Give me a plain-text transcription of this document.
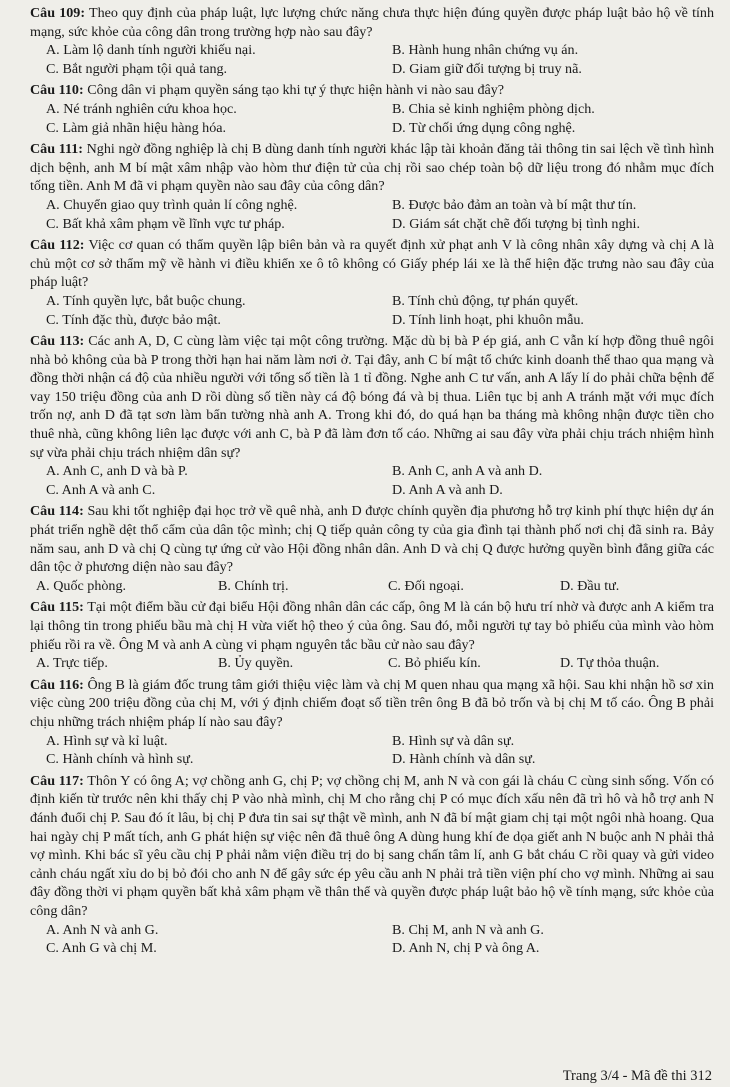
Câu 109: Theo quy định của pháp luật, lực lượng chức năng chưa thực hiện đúng quyền được pháp luật bảo hộ về tính mạng, sức khỏe của công dân trong trường hợp nào sau đây?
A. Làm lộ danh tính người khiếu nại.	B. Hành hung nhân chứng vụ án.
C. Bắt người phạm tội quả tang.	D. Giam giữ đối tượng bị truy nã.
Câu 110: Công dân vi phạm quyền sáng tạo khi tự ý thực hiện hành vi nào sau đây?
A. Né tránh nghiên cứu khoa học.	B. Chia sẻ kinh nghiệm phòng dịch.
C. Làm giả nhãn hiệu hàng hóa.	D. Từ chối ứng dụng công nghệ.
Câu 111: Nghi ngờ đồng nghiệp là chị B dùng danh tính người khác lập tài khoản đăng tải thông tin sai lệch về tình hình dịch bệnh, anh M bí mật xâm nhập vào hòm thư điện tử của chị rồi sao chép toàn bộ dữ liệu trong đó nhằm mục đích tống tiền. Anh M đã vi phạm quyền nào sau đây của công dân?
A. Chuyển giao quy trình quản lí công nghệ.	B. Được bảo đảm an toàn và bí mật thư tín.
C. Bất khả xâm phạm về lĩnh vực tư pháp.	D. Giám sát chặt chẽ đối tượng bị tình nghi.
Câu 112: Việc cơ quan có thẩm quyền lập biên bản và ra quyết định xử phạt anh V là công nhân xây dựng và chị A là chủ một cơ sở thẩm mỹ về hành vi điều khiển xe ô tô không có Giấy phép lái xe là thể hiện đặc trưng nào sau đây của pháp luật?
A. Tính quyền lực, bắt buộc chung.	B. Tính chủ động, tự phán quyết.
C. Tính đặc thù, được bảo mật.	D. Tính linh hoạt, phi khuôn mẫu.
Câu 113: Các anh A, D, C cùng làm việc tại một công trường. Mặc dù bị bà P ép giá, anh C vẫn kí hợp đồng thuê ngôi nhà bỏ không của bà P trong thời hạn hai năm làm nơi ở. Tại đây, anh C bí mật tổ chức kinh doanh thể thao qua mạng và đồng thời nhận cá độ của nhiều người với tổng số tiền là 1 tỉ đồng. Nghe anh C tư vấn, anh A lấy lí do phải chữa bệnh để vay 150 triệu đồng của anh D rồi dùng số tiền này cá độ bóng đá và bị thua. Liên tục bị anh A tránh mặt với mục đích trốn nợ, anh D đã tạt sơn làm bẩn tường nhà anh A. Trong khi đó, do quá hạn ba tháng mà không nhận được tiền cho thuê nhà, cũng không liên lạc được với anh C, bà P đã làm đơn tố cáo. Những ai sau đây vừa phải chịu trách nhiệm hình sự vừa phải chịu trách nhiệm dân sự?
A. Anh C, anh D và bà P.	B. Anh C, anh A và anh D.
C. Anh A và anh C.	D. Anh A và anh D.
Câu 114: Sau khi tốt nghiệp đại học trở về quê nhà, anh D được chính quyền địa phương hỗ trợ kinh phí thực hiện dự án phát triển nghề dệt thổ cẩm của dân tộc mình; chị Q tiếp quản công ty của gia đình tại thành phố nơi chị đã sinh ra. Bảy năm sau, anh D và chị Q cùng tự ứng cử vào Hội đồng nhân dân. Anh D và chị Q được hưởng quyền bình đẳng giữa các dân tộc ở phương diện nào sau đây?
A. Quốc phòng.	B. Chính trị.	C. Đối ngoại.	D. Đầu tư.
Câu 115: Tại một điểm bầu cử đại biểu Hội đồng nhân dân các cấp, ông M là cán bộ hưu trí nhờ và được anh A kiểm tra lại thông tin trong phiếu bầu mà chị H vừa viết hộ theo ý của ông. Sau đó, mỗi người tự tay bỏ phiếu của mình vào hòm phiếu rồi ra về. Ông M và anh A cùng vi phạm nguyên tắc bầu cử nào sau đây?
A. Trực tiếp.	B. Ủy quyền.	C. Bỏ phiếu kín.	D. Tự thỏa thuận.
Câu 116: Ông B là giám đốc trung tâm giới thiệu việc làm và chị M quen nhau qua mạng xã hội. Sau khi nhận hồ sơ xin việc cùng 200 triệu đồng của chị M, với ý định chiếm đoạt số tiền trên ông B đã bỏ trốn và bị chị M tố cáo. Ông B phải chịu những trách nhiệm pháp lí nào sau đây?
A. Hình sự và kỉ luật.	B. Hình sự và dân sự.
C. Hành chính và hình sự.	D. Hành chính và dân sự.
Câu 117: Thôn Y có ông A; vợ chồng anh G, chị P; vợ chồng chị M, anh N và con gái là cháu C cùng sinh sống. Vốn có định kiến từ trước nên khi thấy chị P vào nhà mình, chị M cho rằng chị P có mục đích xấu nên đã trì hô và hỗ trợ anh N đánh đuổi chị P. Sau đó ít lâu, bị chị P đưa tin sai sự thật về mình, anh N đã bí mật giam chị tại một ngôi nhà hoang. Qua hai ngày chị P mất tích, anh G phát hiện sự việc nên đã thuê ông A dùng hung khí đe dọa giết anh N buộc anh N phải thả vợ mình. Khi bác sĩ yêu cầu chị P phải nằm viện điều trị do bị sang chấn tâm lí, anh G bắt cháu C rồi quay và gửi video cảnh cháu ngất xỉu do bị bỏ đói cho anh N để gây sức ép yêu cầu anh N phải trả tiền viện phí cho vợ mình. Những ai sau đây đồng thời vi phạm quyền bất khả xâm phạm về thân thể và quyền được pháp luật bảo hộ về tính mạng, sức khỏe của công dân?
A. Anh N và anh G.	B. Chị M, anh N và anh G.
C. Anh G và chị M.	D. Anh N, chị P và ông A.
Trang 3/4 - Mã đề thi 312
